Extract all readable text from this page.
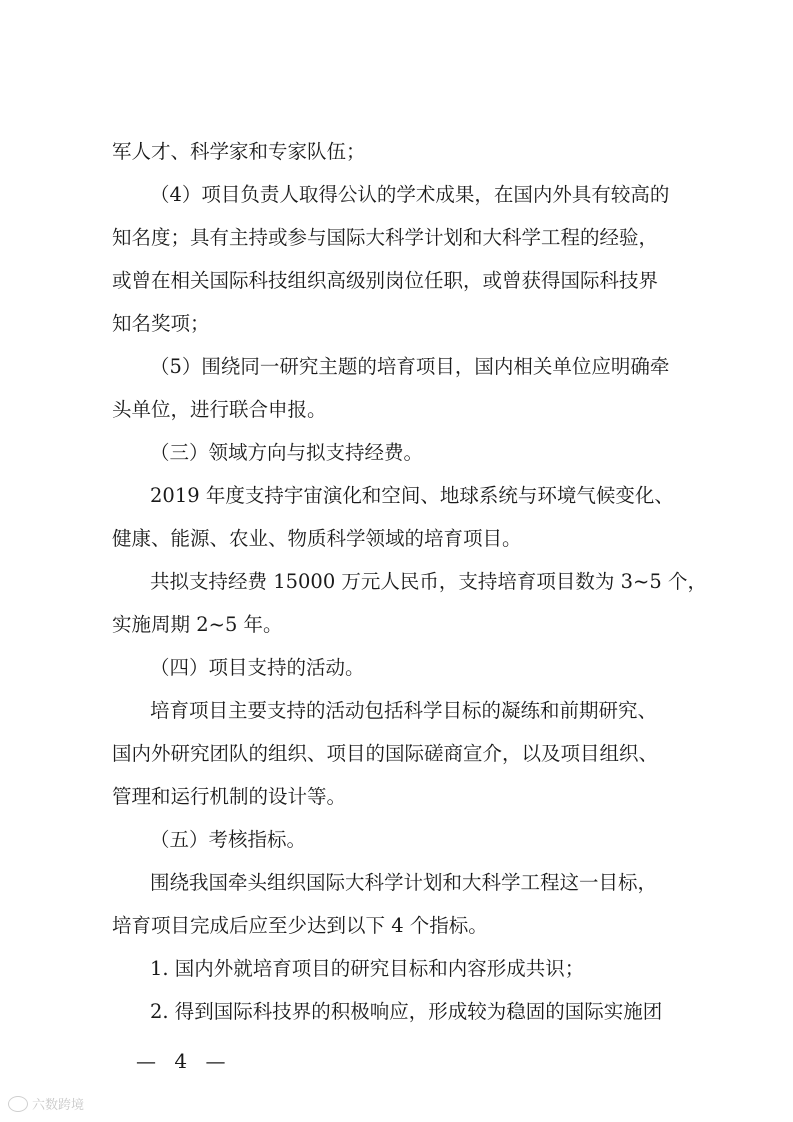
军人才、科学家和专家队伍；
（4）项目负责人取得公认的学术成果，在国内外具有较高的
知名度；具有主持或参与国际大科学计划和大科学工程的经验，
或曾在相关国际科技组织高级别岗位任职，或曾获得国际科技界
知名奖项；
（5）围绕同一研究主题的培育项目，国内相关单位应明确牵
头单位，进行联合申报。
（三）领域方向与拟支持经费。
2019 年度支持宇宙演化和空间、地球系统与环境气候变化、
健康、能源、农业、物质科学领域的培育项目。
共拟支持经费 15000 万元人民币，支持培育项目数为 3~5 个，
实施周期 2~5 年。
（四）项目支持的活动。
培育项目主要支持的活动包括科学目标的凝练和前期研究、
国内外研究团队的组织、项目的国际磋商宣介，以及项目组织、
管理和运行机制的设计等。
（五）考核指标。
围绕我国牵头组织国际大科学计划和大科学工程这一目标，
培育项目完成后应至少达到以下 4 个指标。
1. 国内外就培育项目的研究目标和内容形成共识；
2. 得到国际科技界的积极响应，形成较为稳固的国际实施团
— 4 —
六数跨境
